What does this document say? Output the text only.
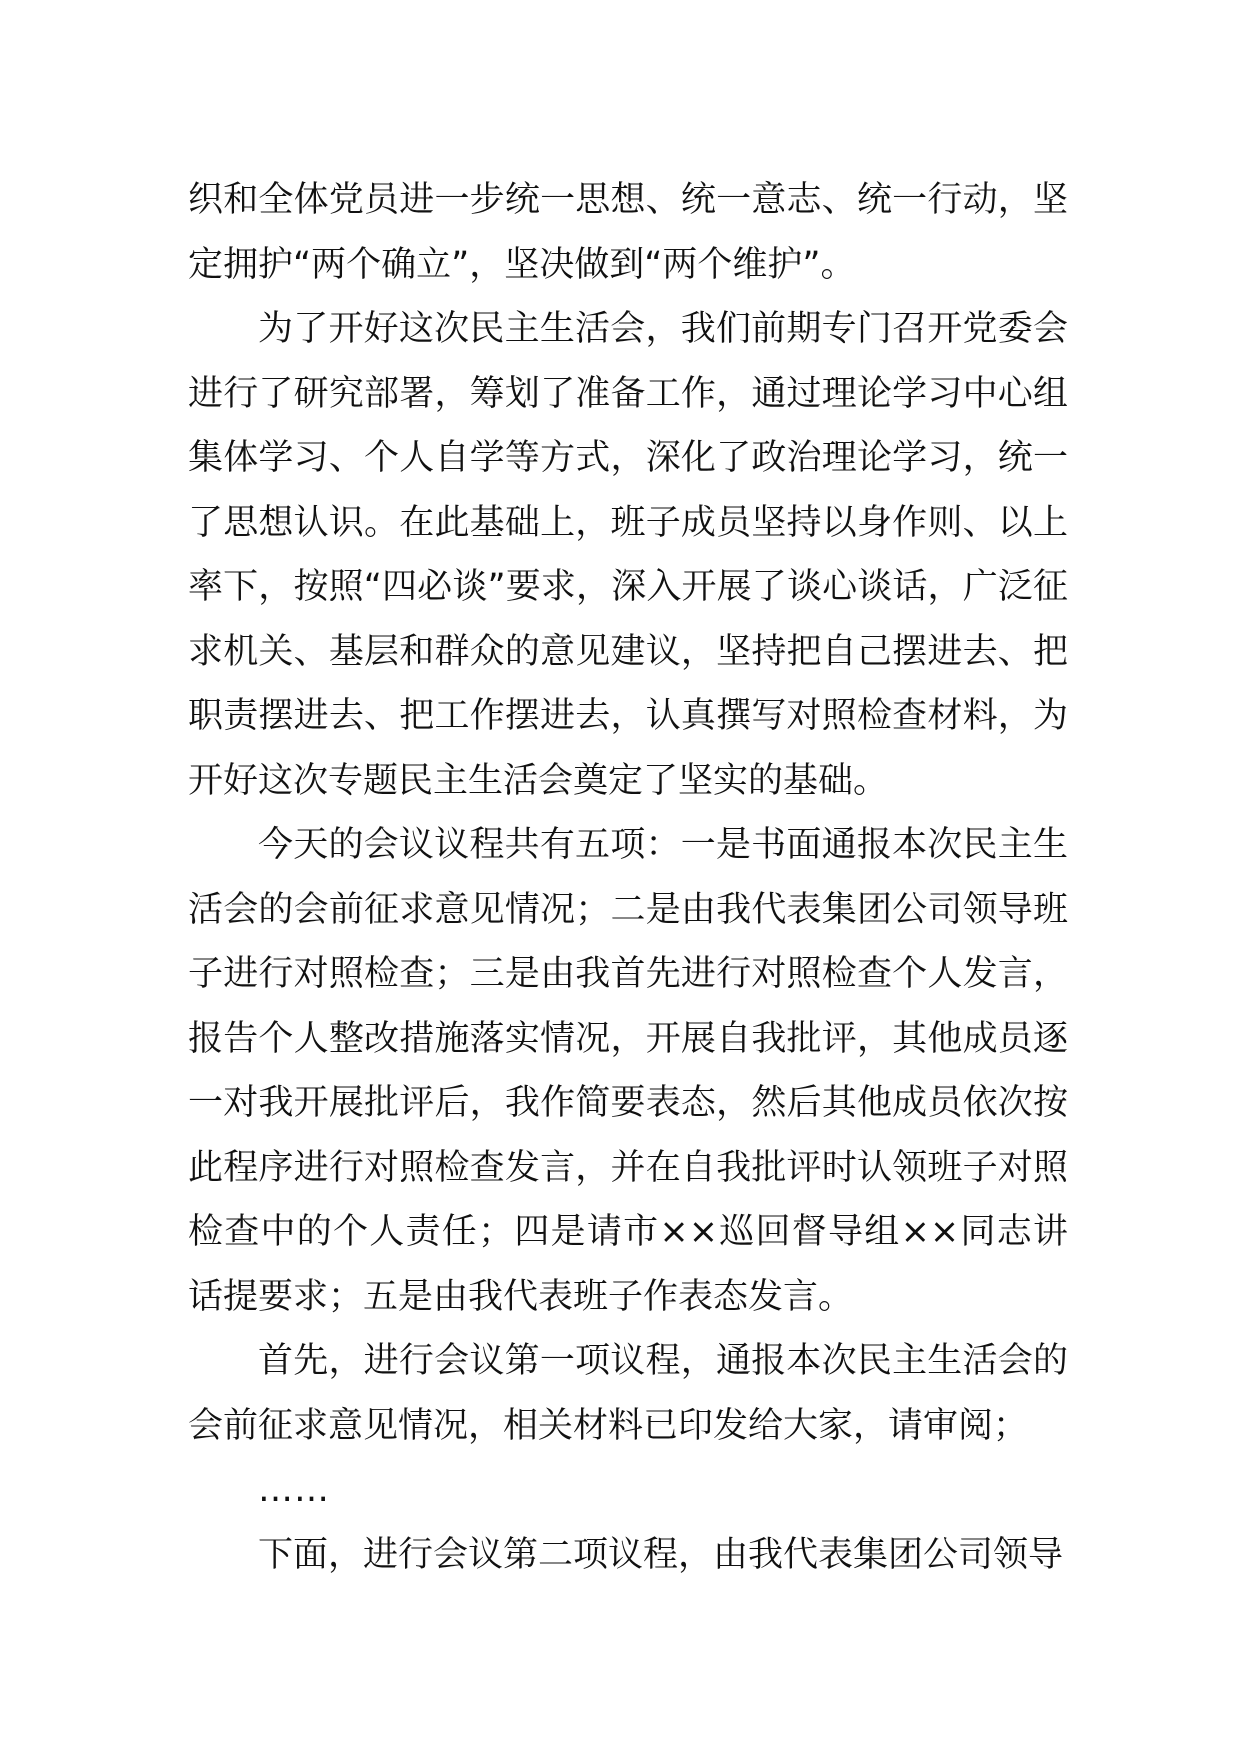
织和全体党员进一步统一思想、统一意志、统一行动，坚定拥护“两个确立”，坚决做到“两个维护”。

为了开好这次民主生活会，我们前期专门召开党委会进行了研究部署，筹划了准备工作，通过理论学习中心组集体学习、个人自学等方式，深化了政治理论学习，统一了思想认识。在此基础上，班子成员坚持以身作则、以上率下，按照“四必谈”要求，深入开展了谈心谈话，广泛征求机关、基层和群众的意见建议，坚持把自己摆进去、把职责摆进去、把工作摆进去，认真撰写对照检查材料，为开好这次专题民主生活会奠定了坚实的基础。

今天的会议议程共有五项：一是书面通报本次民主生活会的会前征求意见情况；二是由我代表集团公司领导班子进行对照检查；三是由我首先进行对照检查个人发言，报告个人整改措施落实情况，开展自我批评，其他成员逐一对我开展批评后，我作简要表态，然后其他成员依次按此程序进行对照检查发言，并在自我批评时认领班子对照检查中的个人责任；四是请市××巡回督导组××同志讲话提要求；五是由我代表班子作表态发言。

首先，进行会议第一项议程，通报本次民主生活会的会前征求意见情况，相关材料已印发给大家，请审阅；

……

下面，进行会议第二项议程，由我代表集团公司领导
